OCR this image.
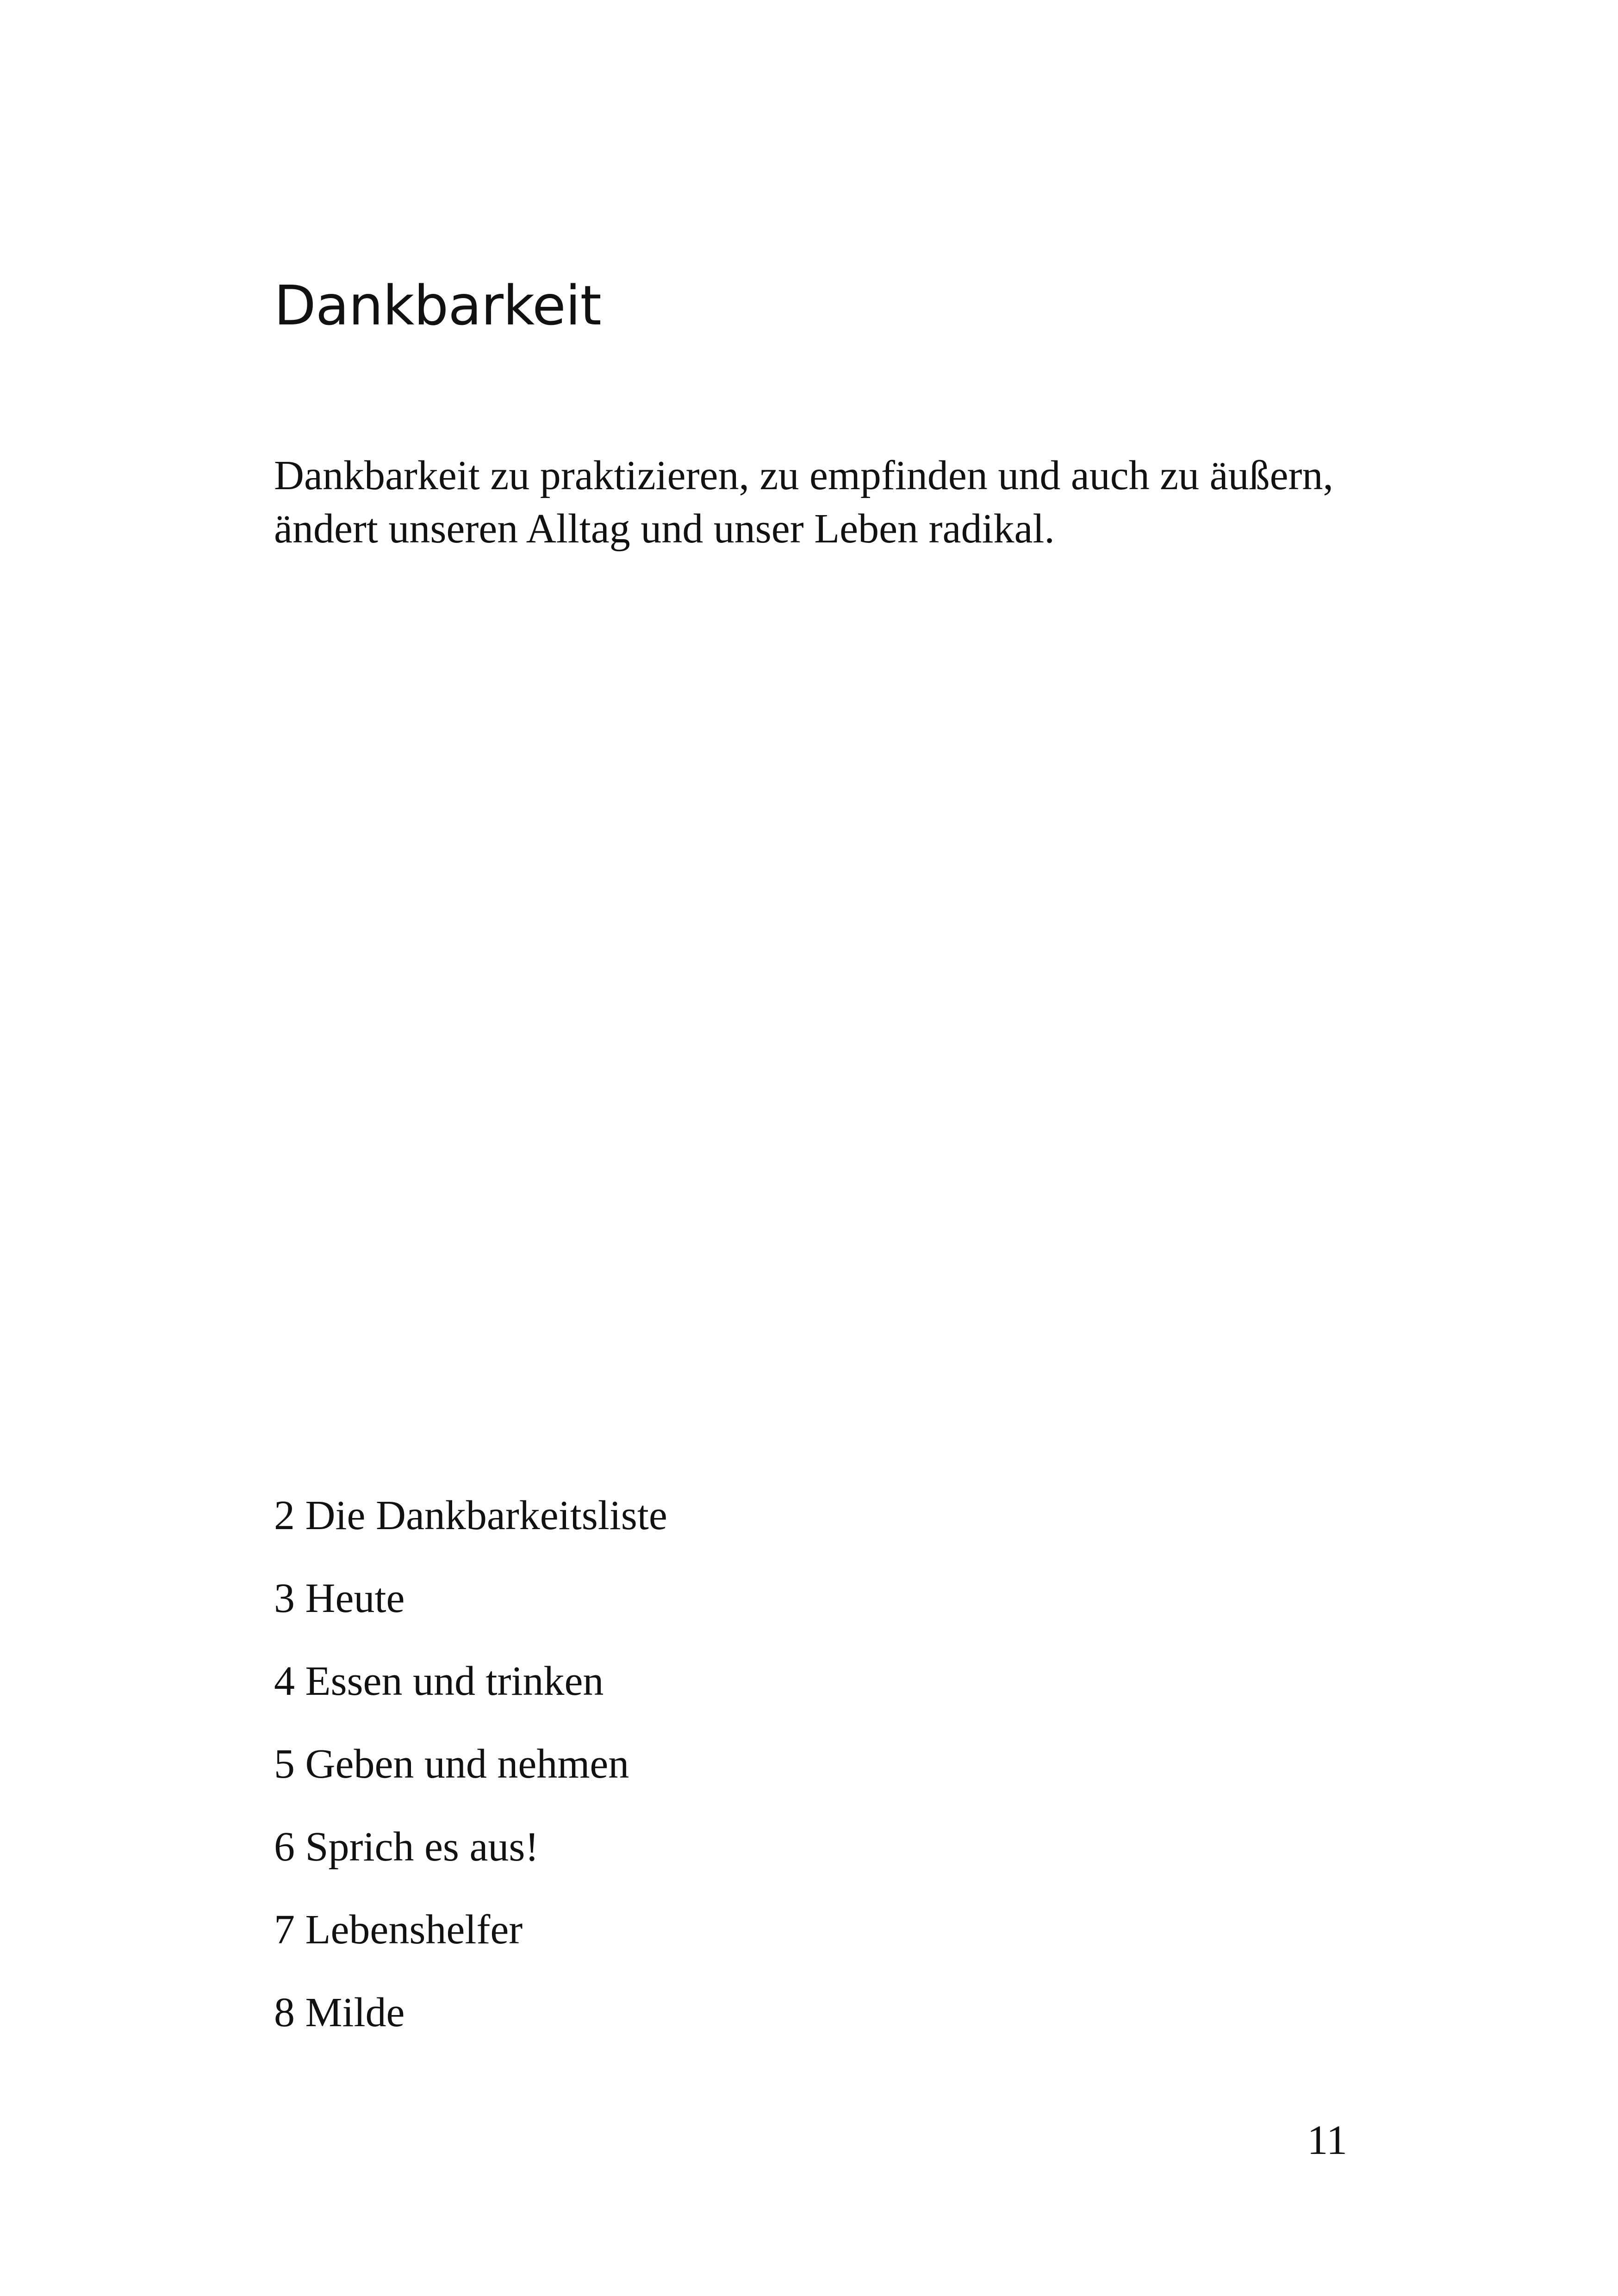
Dankbarkeit

Dankbarkeit zu praktizieren, zu empfinden und auch zu äußern,
ändert unseren Alltag und unser Leben radikal.

2 Die Dankbarkeitsliste
3 Heute
4 Essen und trinken
5 Geben und nehmen
6 Sprich es aus!
7 Lebenshelfer
8 Milde

11
